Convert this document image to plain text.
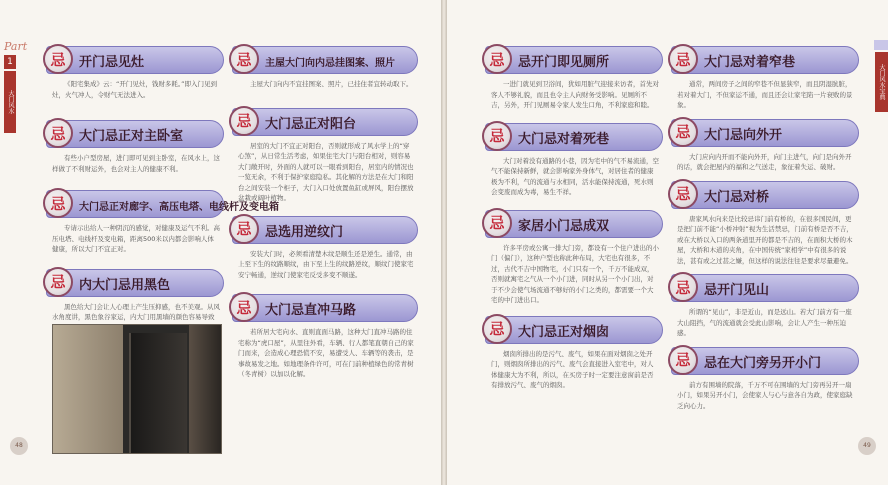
Part
1
大门风水
忌	开门忌见灶
《阳宅集成》云：“开门见灶，钱财多耗。”即入门见到灶，火气冲人，令财气无法进入。
忌	大门忌正对主卧室
有些小户型房屋，进门即可见到主卧室，在风水上，这样做了不利财运外，也会对主人的健康不利。
忌	大门忌正对廊字、高压电塔、电线杆及变电箱
专请示出给人一种阴沉的感觉，对健康及运气不利。高压电塔、电线杆及变电箱，距离500米以内都会影响人体健康，所以大门不宜正对。
忌	内大门忌用黑色
黑色给大门会让人心理上产生压抑感，也不美观。从风水角度讲，黑色象谷家运，内大门用黑墙的颜色容易导致
忌	主屋大门向内忌挂图案、照片
主屋大门向内不宜挂图案、照片，已挂住者宜转动取下。
忌	大门忌正对阳台
居室的大门不宜正对阳台，否则就形成了风水学上的“穿心煞”，从日常生活考虑，如果住宅大门与阳台相对，则容易大门敞开时，外面的人就可以一眼看到阳台，居室内的情况也一览无余，不利于保护家庭隐私。其化解的方法是在大门和阳台之间安装一个柜子，大门入口处放置鱼缸或屏风，阳台摆放盆栽或阔叶植物。
忌	忌选用逆纹门
安装大门时，必须看清楚木纹是顺生还是逆生。通常，由上至下生的纹路顺纹，由下至上生的纹路逆纹，顺纹门使家宅安宁畅通，逆纹门使家宅反受多变不顺遂。
忌	大门忌直冲马路
若所居大宅向水、直则直面马路，这种大门直冲马路的住宅称为“虎口屋”，从里往外看，车辆、行人都笔直朝自己的家门而来，会造成心理恐慌不安，易遭受人、车辆等的袭击，是事故易发之地。如地理条件许可，可在门前种植绿色的常青树（冬青树）以加以化解。
48
大门风水宝典
忌	忌开门即见厕所
一进门就见到卫浴间，犹如用脏气迎接来访者，首先对客人不够礼貌，而且也令主人向财务受影响。见厕所不吉，另外，开门见厕易令家人发生口角，不利家庭和睦。
忌	大门忌对着死巷
大门对着没有通路的小巷，因为宅中的气不易流通，空气不能保持新鲜，就会影响家外身体气，对居住者的健康极为不利，气的流通与水相同，活水能保持流通，死水则会变废而成为毒，易生不祥。
忌	家居小门忌成双
许多平房或公寓一排大门旁，都设有一个住户进出的小门（偏门），这种户型也称此种布局，大宅也有很多，不过，古代不吉中国物宅，小门只有一个，千万不能成双，否则就寓宅之气从一个小门进，同时从另一个小门出，对于不少会使气场流通不够好的小门之类的，都需要一个大宅的中门进出口。
忌	大门忌正对烟囱
烟囱所排出的是污气、废气，如果在面对烟囱之处开门，则烟囱所排出的污气、废气会直接进入室宅中，对人体健康大为不利，所以，在买房子时一定要注意窗前是否有排放污气、废气的烟囱。
忌	大门忌对着窄巷
通常，两间房子之间的窄巷不但显狭窄，而且阴湿肮脏，若对着大门，不但家运不通，而且还会让家宅陷一片衰败的景象。
忌	大门忌向外开
大门应向内开而不能向外开，向门主进气，向门是向外开的话，就会把屋内的福和之气送走，象征着失运、破财。
忌	大门忌对桥
唐家风水向来是比较忌讳门前有桥的，在很多国民间，更是把门前不能“小桥冲射”视为生活禁忌，门前有桥是否不吉，或在大桥以入口的两条道里开的都是不吉的，在面积大桥的木屋，大桥和木道的夹角，在中国传统“家相学”中有很多的说法，甚有或之过甚之嫌，但这样的说法往往是要求尽量避免。
忌	忌开门见山
所谓的“见山”，非是近山，而是远山。若大门前方有一座大山阻挡，气的流通就会受此山影响，会让人产生一种压迫感。
忌	忌在大门旁另开小门
前方有围墙的院落，千万不可在围墙的大门旁再另开一扇小门，如果另开小门，会使家人与心与意各自为政，使家庭缺乏向心力。
49
